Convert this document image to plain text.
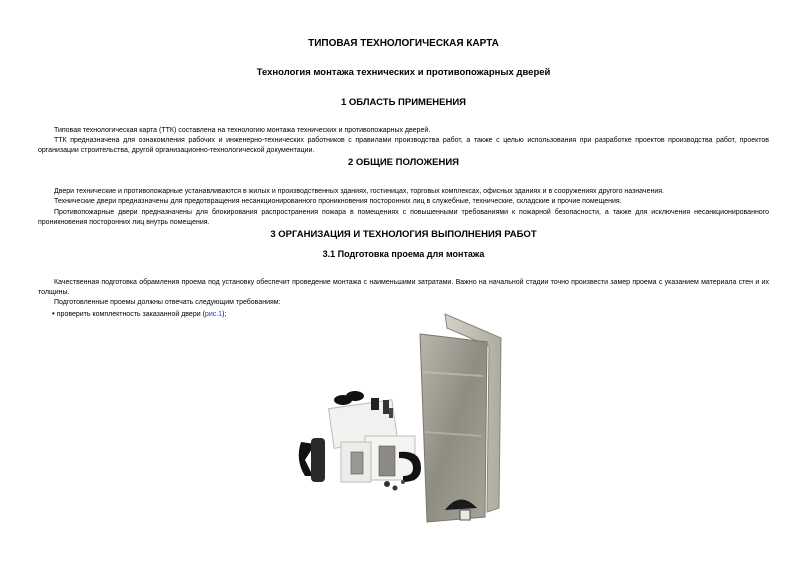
ТИПОВАЯ ТЕХНОЛОГИЧЕСКАЯ КАРТА
Технология монтажа технических и противопожарных дверей
1 ОБЛАСТЬ ПРИМЕНЕНИЯ
Типовая технологическая карта (ТТК) составлена на технологию монтажа технических и противопожарных дверей.
ТТК предназначена для ознакомления рабочих и инженерно-технических работников с правилами производства работ, а также с целью использования при разработке проектов производства работ, проектов организации строительства, другой организационно-технологической документации.
2 ОБЩИЕ ПОЛОЖЕНИЯ
Двери технические и противопожарные устанавливаются в жилых и производственных зданиях, гостиницах, торговых комплексах, офисных зданиях и в сооружениях другого назначения.
Технические двери предназначены для предотвращения несанкционированного проникновения посторонних лиц в служебные, технические, складские и прочие помещения.
Противопожарные двери предназначены для блокирования распространения пожара в помещениях с повышенными требованиями к пожарной безопасности, а также для исключения несанкционированного проникновения посторонних лиц внутрь помещения.
3 ОРГАНИЗАЦИЯ И ТЕХНОЛОГИЯ ВЫПОЛНЕНИЯ РАБОТ
3.1 Подготовка проема для монтажа
Качественная подготовка обрамления проема под установку обеспечит проведение монтажа с наименьшими затратами. Важно на начальной стадии точно произвести замер проема с указанием материала стен и их толщины.
Подготовленные проемы должны отвечать следующим требованиям:
• проверить комплектность заказанной двери (рис.1);
